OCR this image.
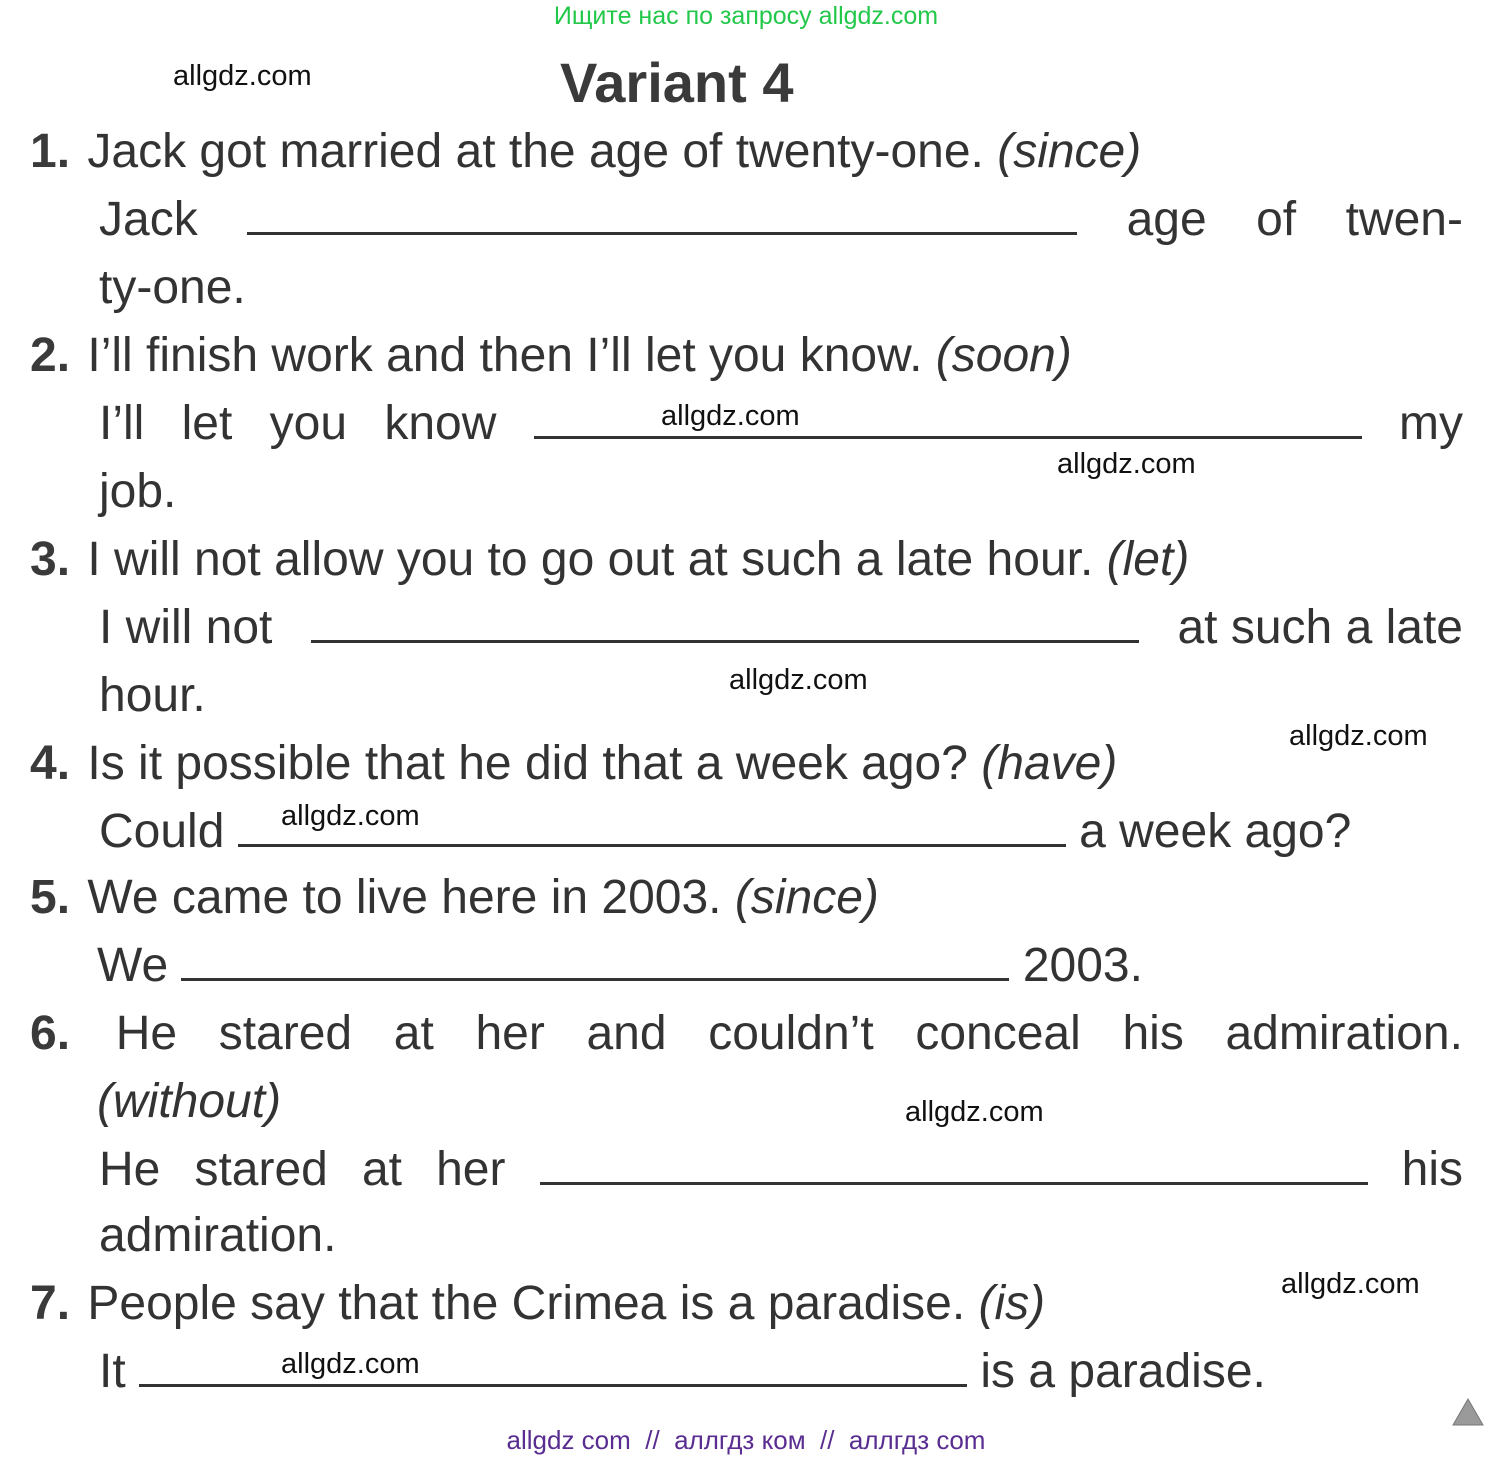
Ищите нас по запросу allgdz.com
Variant 4
allgdz.com
allgdz.com
allgdz.com
allgdz.com
allgdz.com
allgdz.com
allgdz.com
allgdz.com
allgdz.com
1. Jack got married at the age of twenty-one. (since)
Jack	age of twen-
ty-one.
2. I’ll finish work and then I’ll let you know. (soon)
I’ll let you know	my
job.
3. I will not allow you to go out at such a late hour. (let)
I will not	at such a late
hour.
4. Is it possible that he did that a week ago? (have)
Could	a week ago?
5. We came to live here in 2003. (since)
We	2003.
6. He stared at her and couldn’t conceal his admiration.
(without)
He stared at her	his
admiration.
7. People say that the Crimea is a paradise. (is)
It	is a paradise.
allgdz com  //  аллгдз ком  //  аллгдз com
